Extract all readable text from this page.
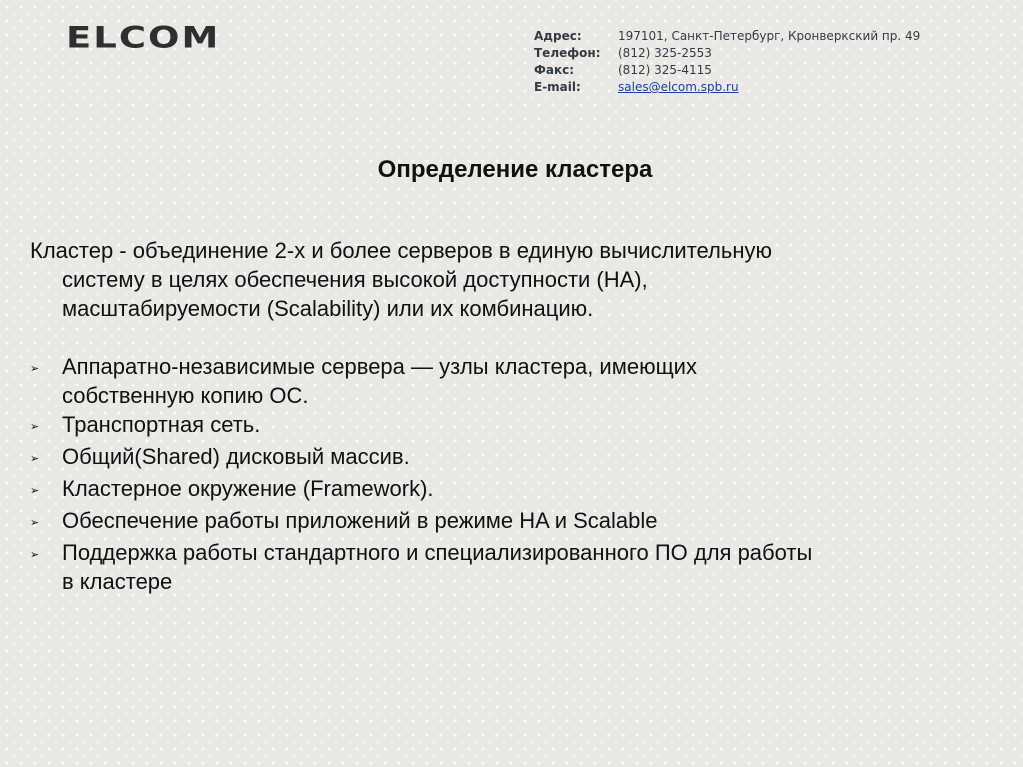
ELCOM	Адрес:	197101, Санкт-Петербург, Кронверкский пр. 49
Телефон:	(812) 325-2553
Факс:	(812) 325-4115
E-mail:	sales@elcom.spb.ru
Определение кластера
Кластер - объединение 2-х и более серверов в единую вычислительную
систему в целях обеспечения высокой доступности (HA),
масштабируемости (Scalability) или их комбинацию.
➢	Аппаратно-независимые сервера — узлы кластера, имеющих
собственную копию ОС.
➢	Транспортная сеть.
➢	Общий(Shared) дисковый массив.
➢	Кластерное окружение (Framework).
➢	Обеспечение работы приложений в режиме HA и Scalable
➢	Поддержка работы стандартного и специализированного ПО для работы
в кластере
